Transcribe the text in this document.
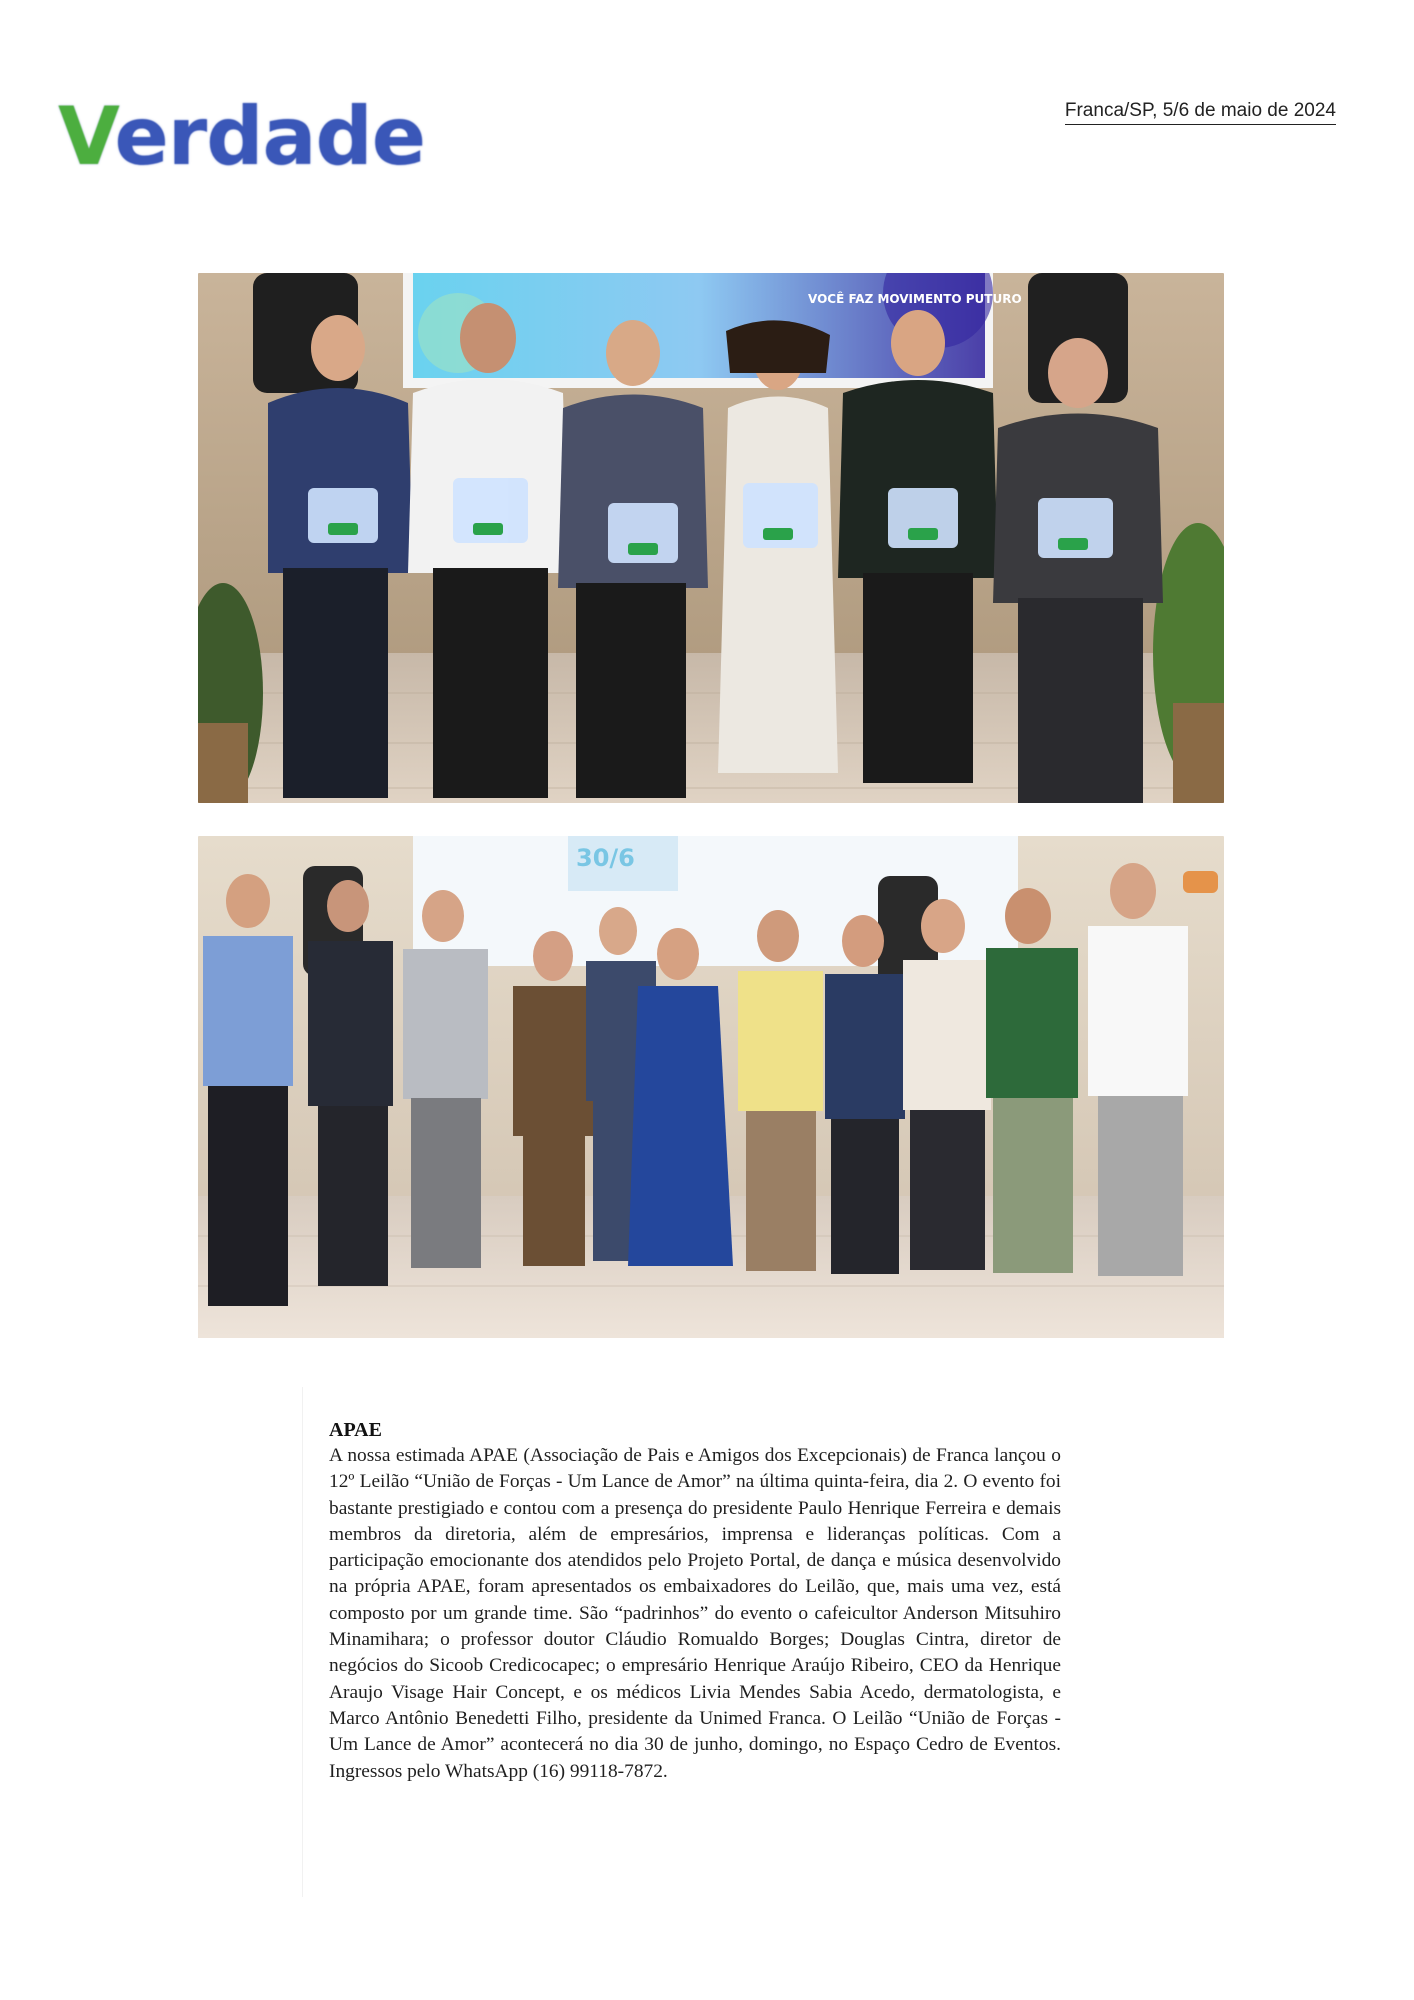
Verdade	Franca/SP, 5/6 de maio de 2024
VOCÊ FAZ MOVIMENTO PUTURO
30/6
APAE
A nossa estimada APAE (Associação de Pais e Amigos dos Excepcionais) de Franca lançou o 12º Leilão “União de Forças - Um Lance de Amor” na última quinta-feira, dia 2. O evento foi bastante prestigiado e contou com a presença do presidente Paulo Henrique Ferreira e demais membros da diretoria, além de empresários, imprensa e lideranças políticas. Com a participação emocionante dos atendidos pelo Projeto Portal, de dança e música desenvolvido na própria APAE, foram apresentados os embaixadores do Leilão, que, mais uma vez, está composto por um grande time. São “padrinhos” do evento o cafeicultor Anderson Mitsuhiro Minamihara; o professor doutor Cláudio Romualdo Borges; Douglas Cintra, diretor de negócios do Sicoob Credicocapec; o empresário Henrique Araújo Ribeiro, CEO da Henrique Araujo Visage Hair Concept, e os médicos Livia Mendes Sabia Acedo, dermatologista, e Marco Antônio Benedetti Filho, presidente da Unimed Franca. O Leilão “União de Forças - Um Lance de Amor” acontecerá no dia 30 de junho, domingo, no Espaço Cedro de Eventos. Ingressos pelo WhatsApp (16) 99118-7872.
